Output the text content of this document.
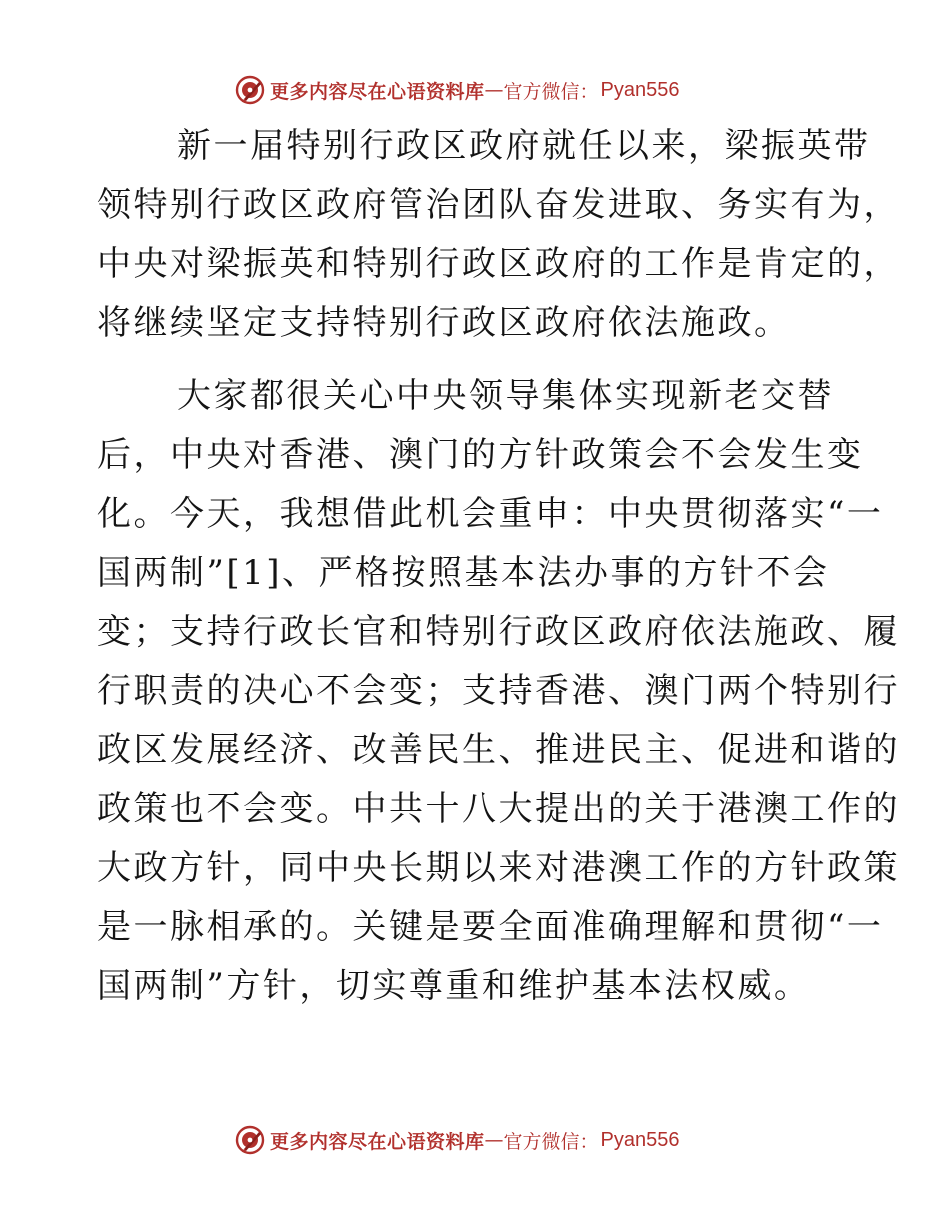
更多内容尽在心语资料库 — 官方微信： Pyan556
新一届特别行政区政府就任以来，梁振英带
领特别行政区政府管治团队奋发进取、务实有为，
中央对梁振英和特别行政区政府的工作是肯定的，
将继续坚定支持特别行政区政府依法施政。
大家都很关心中央领导集体实现新老交替
后，中央对香港、澳门的方针政策会不会发生变
化。今天，我想借此机会重申：中央贯彻落实“一
国两制”[1]、严格按照基本法办事的方针不会
变；支持行政长官和特别行政区政府依法施政、履
行职责的决心不会变；支持香港、澳门两个特别行
政区发展经济、改善民生、推进民主、促进和谐的
政策也不会变。中共十八大提出的关于港澳工作的
大政方针，同中央长期以来对港澳工作的方针政策
是一脉相承的。关键是要全面准确理解和贯彻“一
国两制”方针，切实尊重和维护基本法权威。
更多内容尽在心语资料库 — 官方微信： Pyan556
